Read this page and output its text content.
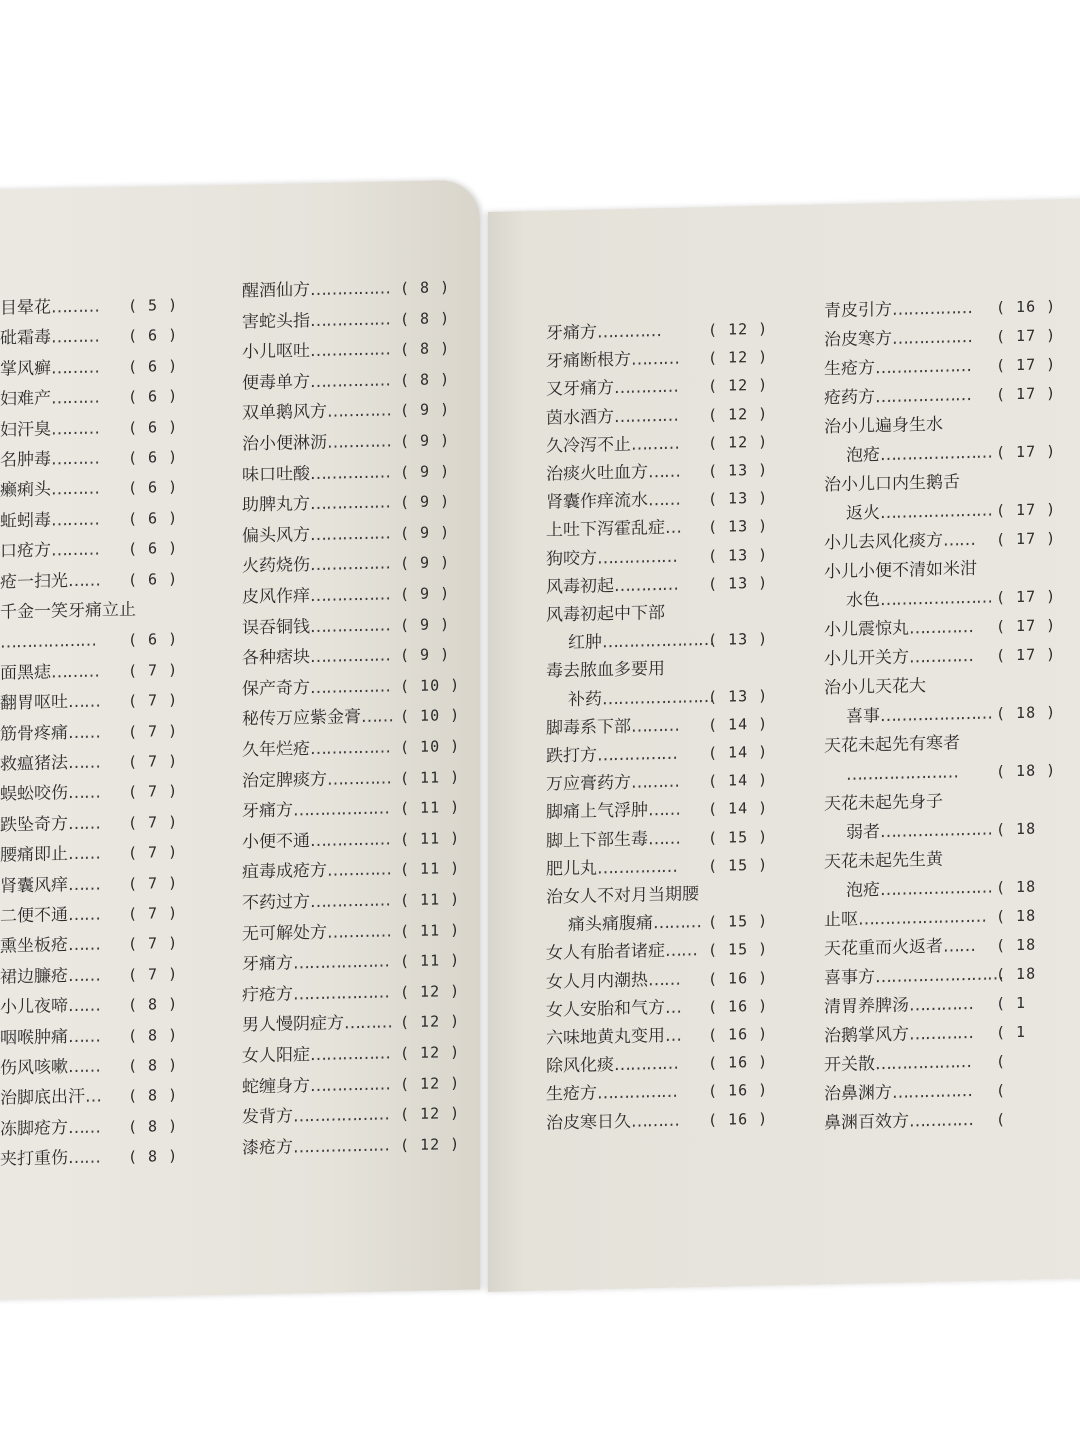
目晕花……… ( 5 )
砒霜毒……… ( 6 )
掌风癣……… ( 6 )
妇难产……… ( 6 )
妇汗臭……… ( 6 )
名肿毒……… ( 6 )
癞痢头……… ( 6 )
蚯蚓毒……… ( 6 )
口疮方……… ( 6 )
疮一扫光…… ( 6 )
千金一笑牙痛立止
……………… ( 6 )
面黑痣……… ( 7 )
翻胃呕吐…… ( 7 )
筋骨疼痛…… ( 7 )
救瘟猪法…… ( 7 )
蜈蚣咬伤…… ( 7 )
跌坠奇方…… ( 7 )
腰痛即止…… ( 7 )
肾囊风痒…… ( 7 )
二便不通…… ( 7 )
熏坐板疮…… ( 7 )
裙边臁疮…… ( 7 )
小儿夜啼…… ( 8 )
咽喉肿痛…… ( 8 )
伤风咳嗽…… ( 8 )
治脚底出汗… ( 8 )
冻脚疮方…… ( 8 )
夹打重伤…… ( 8 )
醒酒仙方…………… ( 8 )
害蛇头指…………… ( 8 )
小儿呕吐…………… ( 8 )
便毒单方…………… ( 8 )
双单鹅风方………… ( 9 )
治小便淋沥………… ( 9 )
味口吐酸…………… ( 9 )
助脾丸方…………… ( 9 )
偏头风方…………… ( 9 )
火药烧伤…………… ( 9 )
皮风作痒…………… ( 9 )
误吞铜钱…………… ( 9 )
各种痞块…………… ( 9 )
保产奇方…………… ( 10 )
秘传万应紫金膏…… ( 10 )
久年烂疮…………… ( 10 )
治定脾痰方………… ( 11 )
牙痛方……………… ( 11 )
小便不通…………… ( 11 )
疽毒成疮方………… ( 11 )
不药过方…………… ( 11 )
无可解处方………… ( 11 )
牙痛方……………… ( 11 )
疔疮方……………… ( 12 )
男人慢阴症方……… ( 12 )
女人阳症…………… ( 12 )
蛇缠身方…………… ( 12 )
发背方……………… ( 12 )
漆疮方……………… ( 12 )
牙痛方…………	( 12 )
牙痛断根方……… ( 12 )
又牙痛方………… ( 12 )
茵水酒方………… ( 12 )
久冷泻不止……… ( 12 )
治痰火吐血方…… ( 13 )
肾囊作痒流水…… ( 13 )
上吐下泻霍乱症… ( 13 )
狗咬方…………… ( 13 )
风毒初起………… ( 13 )
风毒初起中下部
红肿…………………
( 13 )
毒去脓血多要用
补药…………………
( 13 )
脚毒系下部……… ( 14 )
跌打方…………… ( 14 )
万应膏药方……… ( 14 )
脚痛上气浮肿…… ( 14 )
脚上下部生毒…… ( 15 )
肥儿丸…………… ( 15 )
治女人不对月当期腰
痛头痛腹痛……… ( 15 )
女人有胎者诸症…… ( 15 )
女人月内潮热…… ( 16 )
女人安胎和气方… ( 16 )
六味地黄丸变用… ( 16 )
除风化痰………… ( 16 )
生疮方…………… ( 16 )
治皮寒日久……… ( 16 )
青皮引方…………… ( 16 )
治皮寒方…………… ( 17 )
生疮方……………… ( 17 )
疮药方……………… ( 17 )
治小儿遍身生水
泡疮………………… ( 17 )
治小儿口内生鹅舌
返火………………… ( 17 )
小儿去风化痰方…… ( 17 )
小儿小便不清如米泔
水色………………… ( 17 )
小儿震惊丸………… ( 17 )
小儿开关方………… ( 17 )
治小儿天花大
喜事………………… ( 18 )
天花未起先有寒者
…………………	( 18 )
天花未起先身子
弱者………………… ( 18
天花未起先生黄
泡疮………………… ( 18
止呕…………………… ( 18
天花重而火返者…… ( 18
喜事方……………………
( 18
清胃养脾汤………… ( 1
治鹅掌风方………… ( 1
开关散……………… (
治鼻渊方…………… (
鼻渊百效方………… (
